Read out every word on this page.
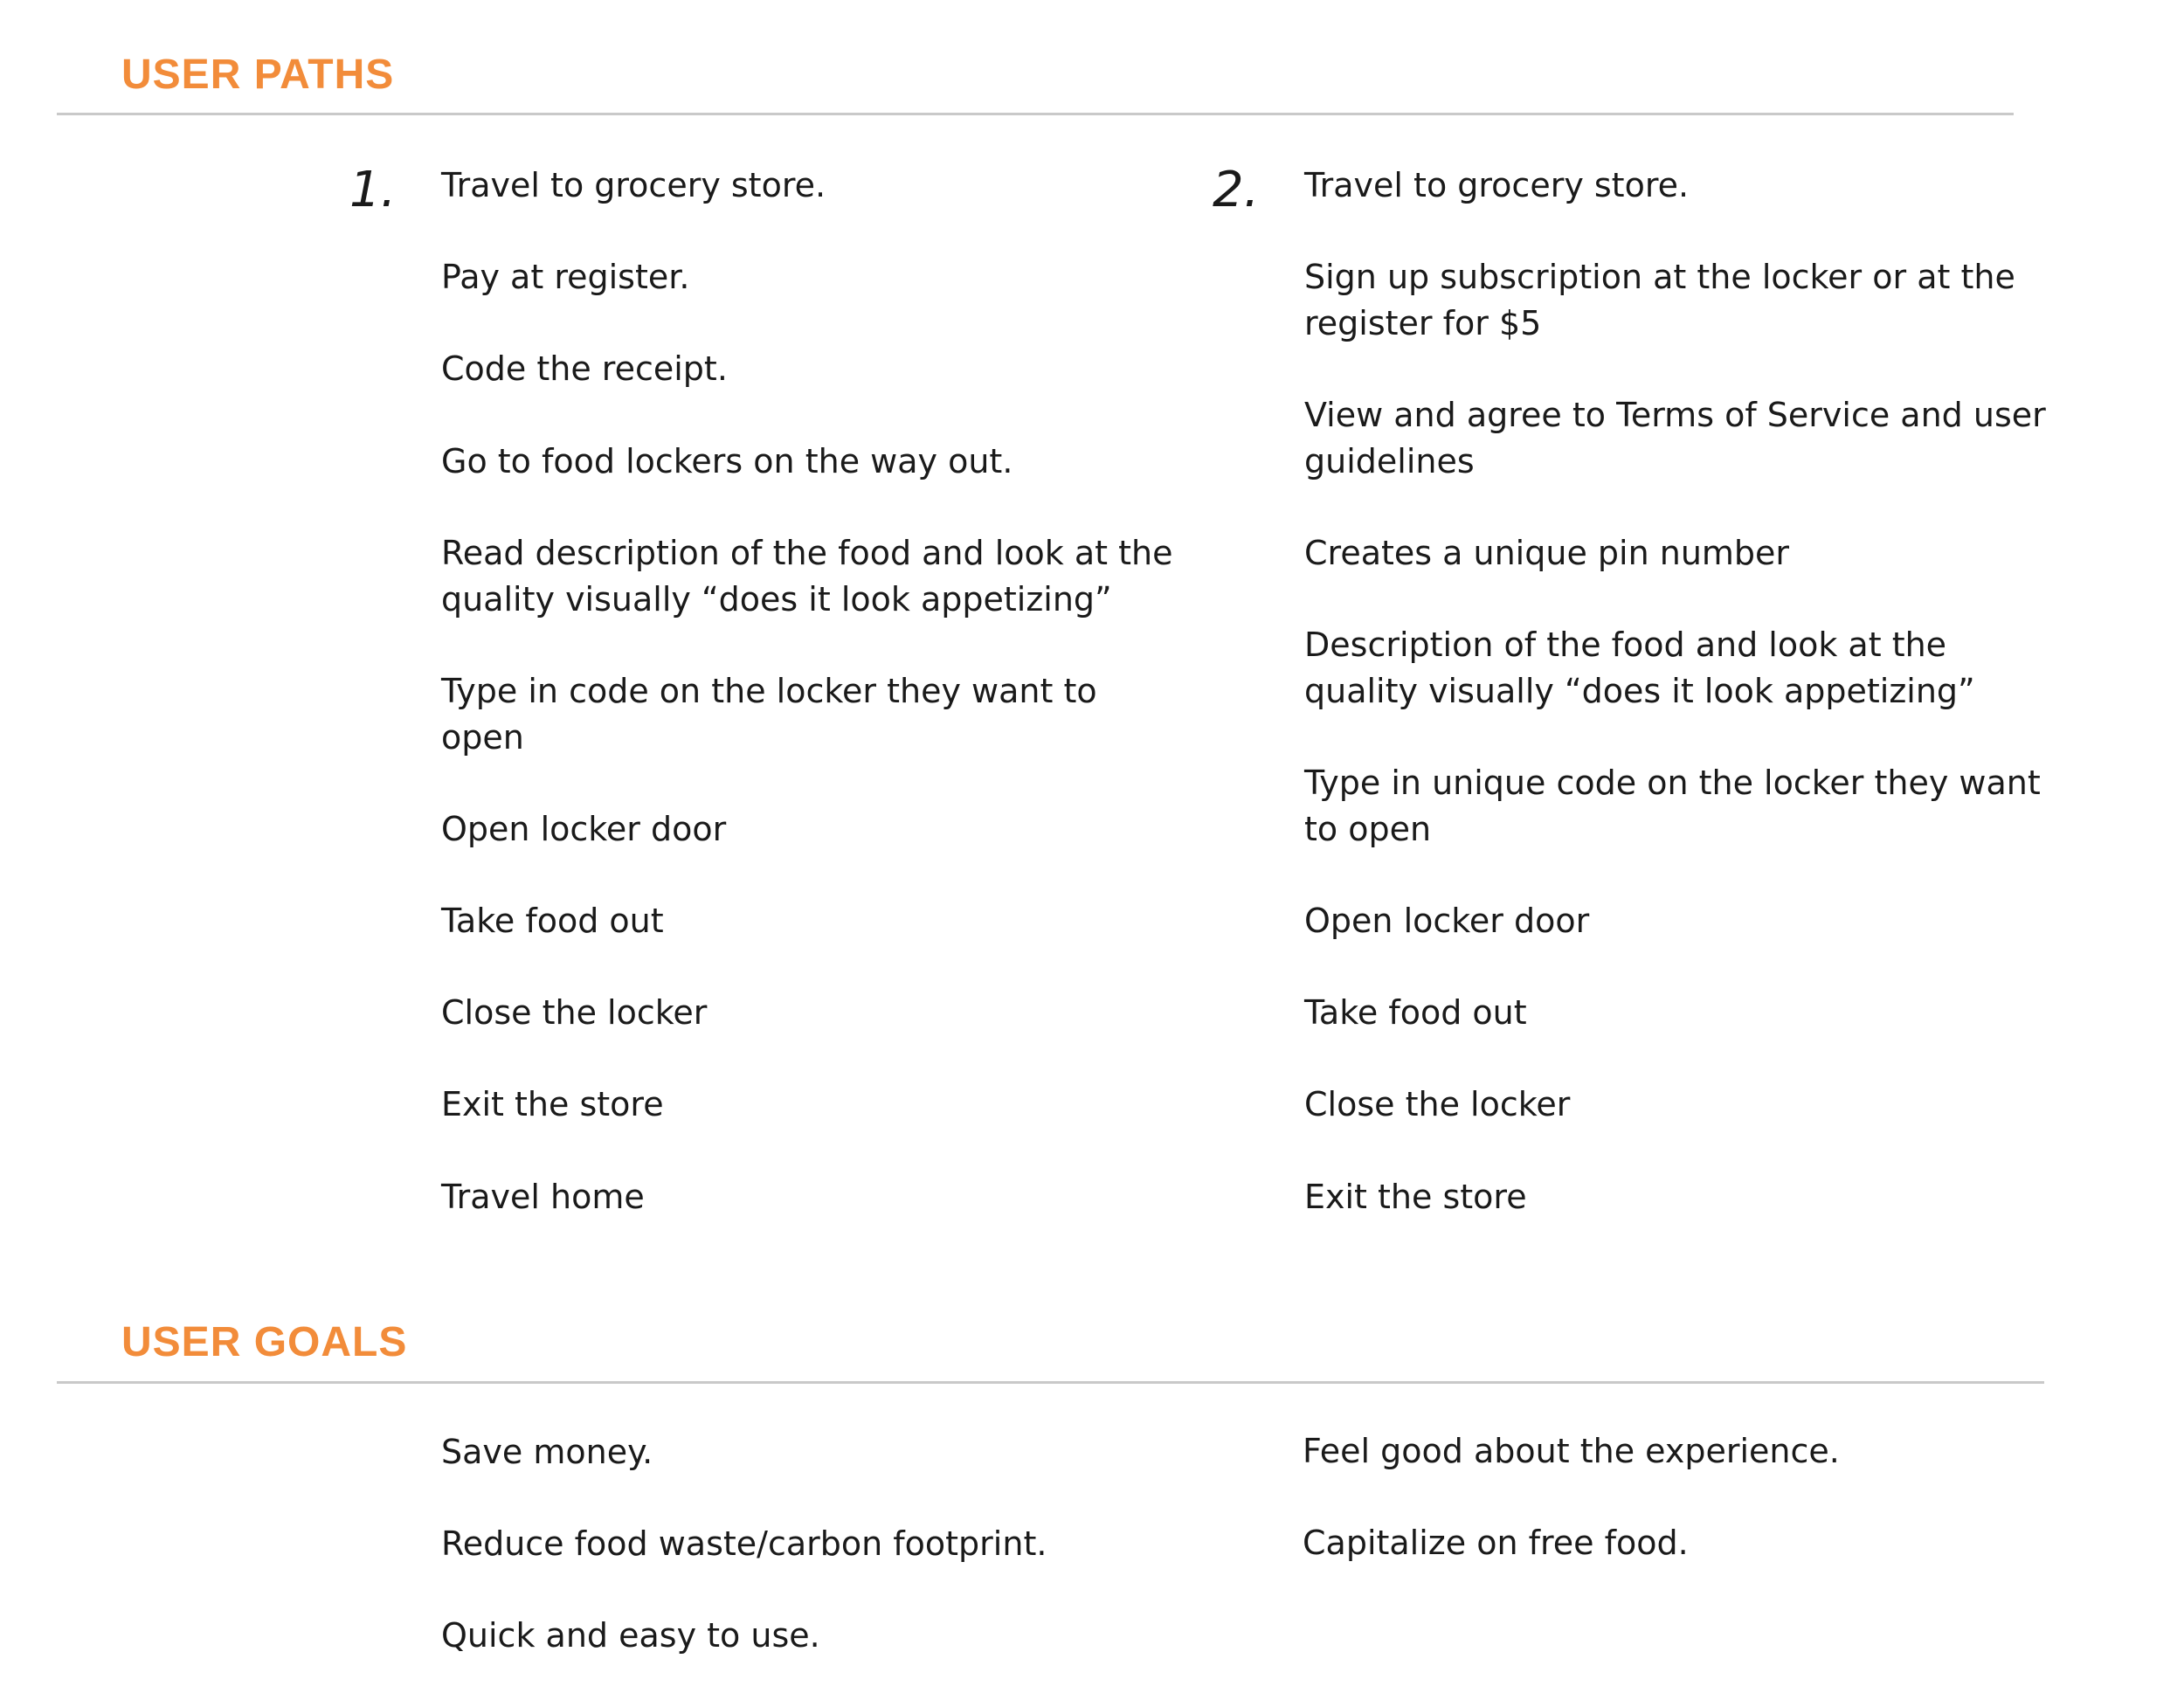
USER PATHS
1. Travel to grocery store.
Pay at register.
Code the receipt.
Go to food lockers on the way out.
Read description of the food and look at the
quality visually “does it look appetizing”
Type in code on the locker they want to
open
Open locker door
Take food out
Close the locker
Exit the store
Travel home
2. Travel to grocery store.
Sign up subscription at the locker or at the
register for $5
View and agree to Terms of Service and user
guidelines
Creates a unique pin number
Description of the food and look at the
quality visually “does it look appetizing”
Type in unique code on the locker they want
to open
Open locker door
Take food out
Close the locker
Exit the store
USER GOALS
Save money.
Reduce food waste/carbon footprint.
Quick and easy to use.
Feel good about the experience.
Capitalize on free food.
